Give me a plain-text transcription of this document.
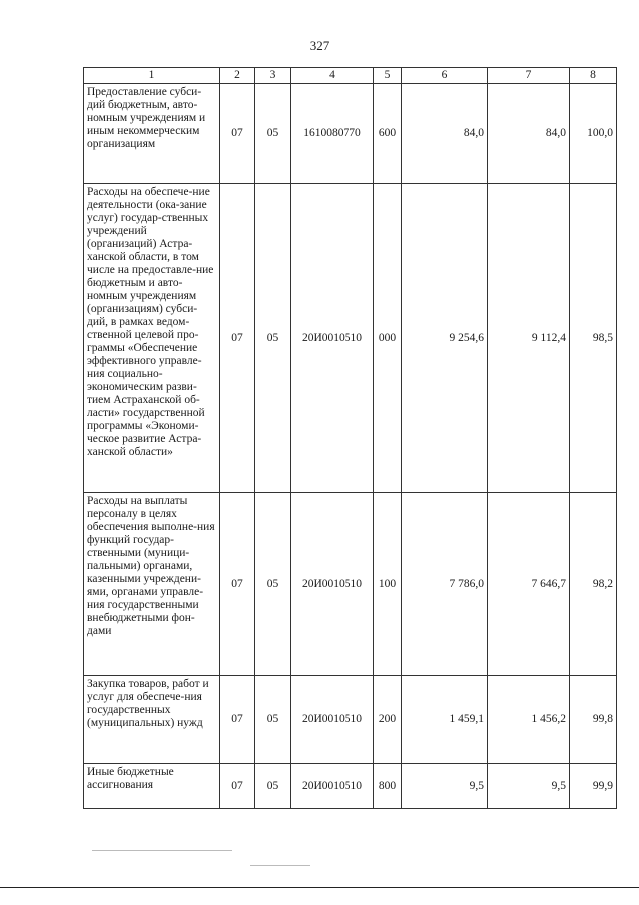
327
1	2	3	4	5	6	7	8
Предоставление субси-дий бюджетным, авто-номным учреждениям и иным некоммерческим организациям	07	05	1610080770	600	84,0	84,0	100,0
Расходы на обеспече-ние деятельности (ока-зание услуг) государ-ственных учреждений (организаций) Астра-ханской области, в том числе на предоставле-ние бюджетным и авто-номным учреждениям (организациям) субси-дий, в рамках ведом-ственной целевой про-граммы «Обеспечение эффективного управле-ния социально-экономическим разви-тием Астраханской об-ласти» государственной программы «Экономи-ческое развитие Астра-ханской области»	07	05	20И0010510	000	9 254,6	9 112,4	98,5
Расходы на выплаты персоналу в целях обеспечения выполне-ния функций государ-ственными (муници-пальными) органами, казенными учреждени-ями, органами управле-ния государственными внебюджетными фон-дами	07	05	20И0010510	100	7 786,0	7 646,7	98,2
Закупка товаров, работ и услуг для обеспече-ния государственных (муниципальных) нужд	07	05	20И0010510	200	1 459,1	1 456,2	99,8
Иные бюджетные ассигнования	07	05	20И0010510	800	9,5	9,5	99,9
